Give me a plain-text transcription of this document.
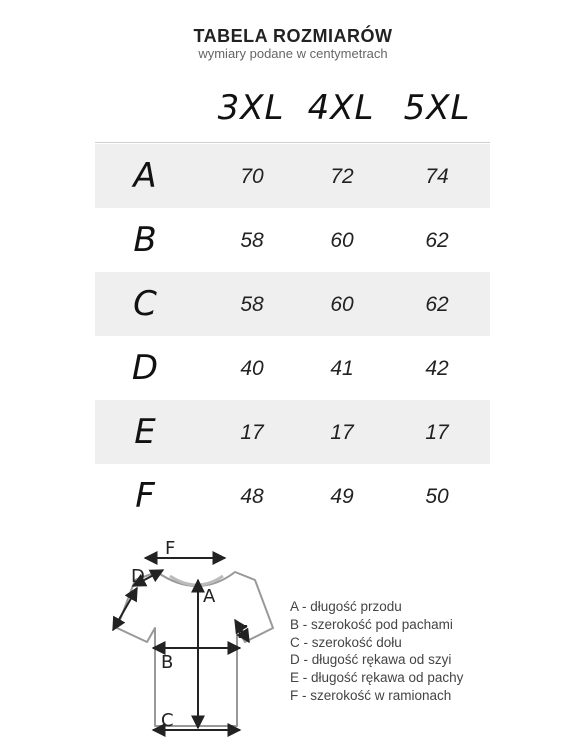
TABELA ROZMIARÓW
wymiary podane w centymetrach
3XL 4XL 5XL
A	70	72	74
B	58	60	62
C	58	60	62
D	40	41	42
E	17	17	17
F	48	49	50
F
D
A
E
B
C
A - długość przodu
B - szerokość pod pachami
C - szerokość dołu
D - długość rękawa od szyi
E - długość rękawa od pachy
F - szerokość w ramionach
